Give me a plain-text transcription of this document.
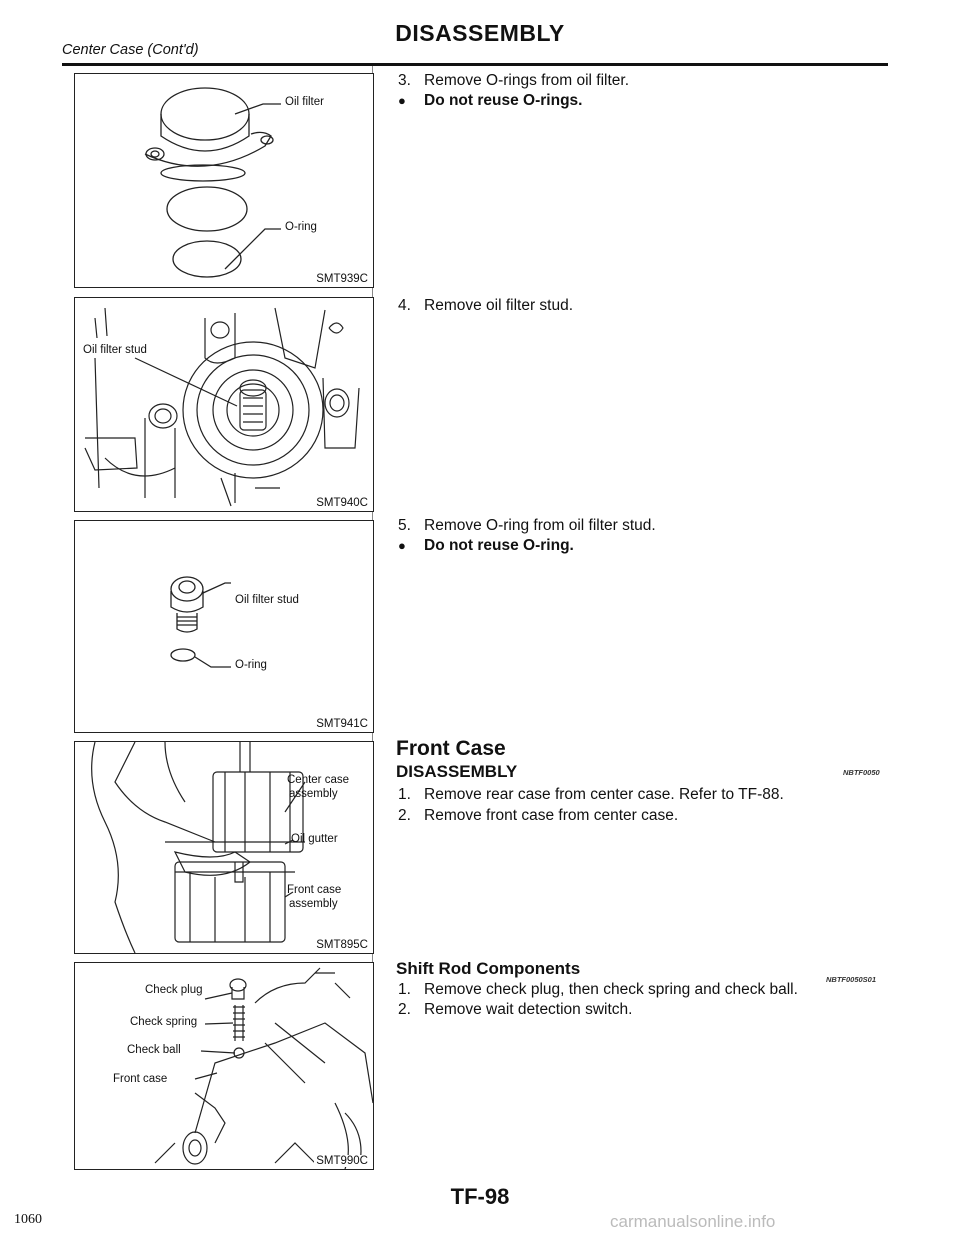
DISASSEMBLY
Center Case (Cont'd)
Oil filter
O-ring
SMT939C
Oil filter stud
SMT940C
Oil filter stud
O-ring
SMT941C
Center case
assembly
Oil gutter
Front case
assembly
SMT895C
Check plug
Check spring
Check ball
Front case
SMT990C
3. Remove O-rings from oil filter.
● Do not reuse O-rings.
4. Remove oil filter stud.
5. Remove O-ring from oil filter stud.
● Do not reuse O-ring.
Front Case
DISASSEMBLY	NBTF0050
1. Remove rear case from center case. Refer to TF-88.
2. Remove front case from center case.
Shift Rod Components
NBTF0050S01
1. Remove check plug, then check spring and check ball.
2. Remove wait detection switch.
TF-98
1060	carmanualsonline.info
